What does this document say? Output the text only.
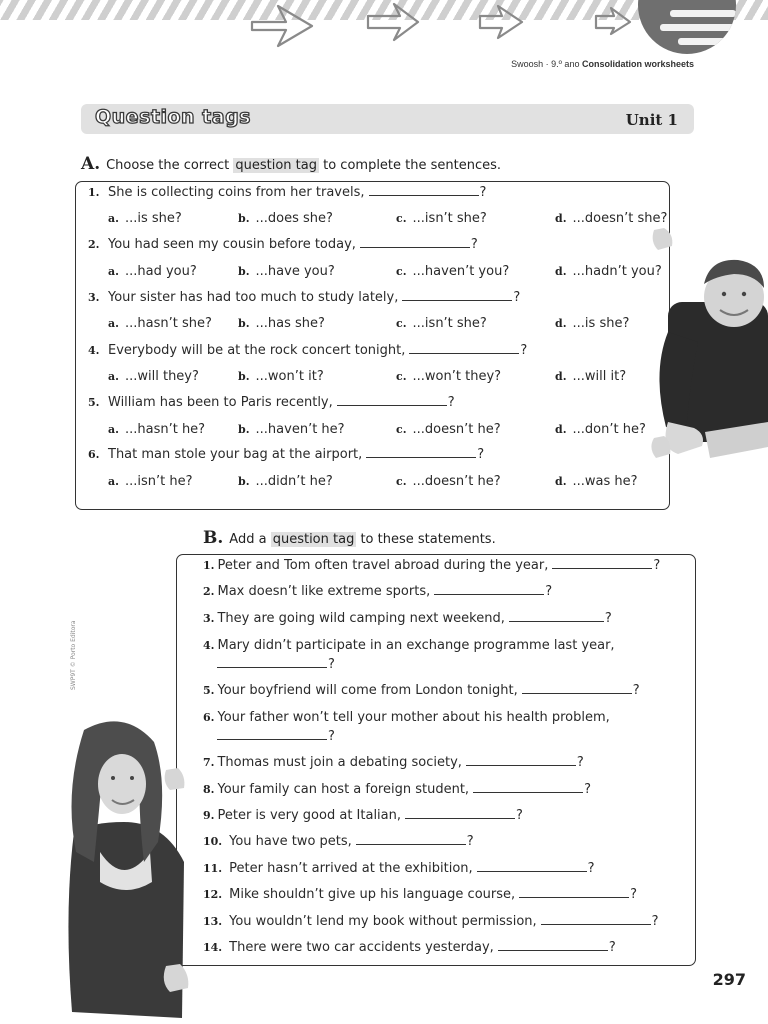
Swoosh · 9.º ano Consolidation worksheets
Question tags	Unit 1
A. Choose the correct question tag to complete the sentences.
1. She is collecting coins from her travels,	?
a. ...is she?	b. ...does she?	c. ...isn’t she?	d. ...doesn’t she?
2. You had seen my cousin before today,	?
a. ...had you?	b. ...have you?	c. ...haven’t you?	d. ...hadn’t you?
3. Your sister has had too much to study lately,	?
a. ...hasn’t she? b. ...has she?	c. ...isn’t she?	d. ...is she?
4. Everybody will be at the rock concert tonight,	?
a. ...will they?	b. ...won’t it?	c. ...won’t they?	d. ...will it?
5. William has been to Paris recently,	?
a. ...hasn’t he?	b. ...haven’t he?	c. ...doesn’t he?	d. ...don’t he?
6. That man stole your bag at the airport,	?
a. ...isn’t he?	b. ...didn’t he?	c. ...doesn’t he?	d. ...was he?
B. Add a question tag to these statements.
1. Peter and Tom often travel abroad during the year,	?
2. Max doesn’t like extreme sports,	?
3. They are going wild camping next weekend,	?
4. Mary didn’t participate in an exchange programme last year,
?
5. Your boyfriend will come from London tonight,	?
6. Your father won’t tell your mother about his health problem,
?
7. Thomas must join a debating society,	?
8. Your family can host a foreign student,	?
9. Peter is very good at Italian,	?
10. You have two pets,	?
11. Peter hasn’t arrived at the exhibition,	?
12. Mike shouldn’t give up his language course,	?
13. You wouldn’t lend my book without permission,	?
14. There were two car accidents yesterday,	?
SWP9T © Porto Editora
297
